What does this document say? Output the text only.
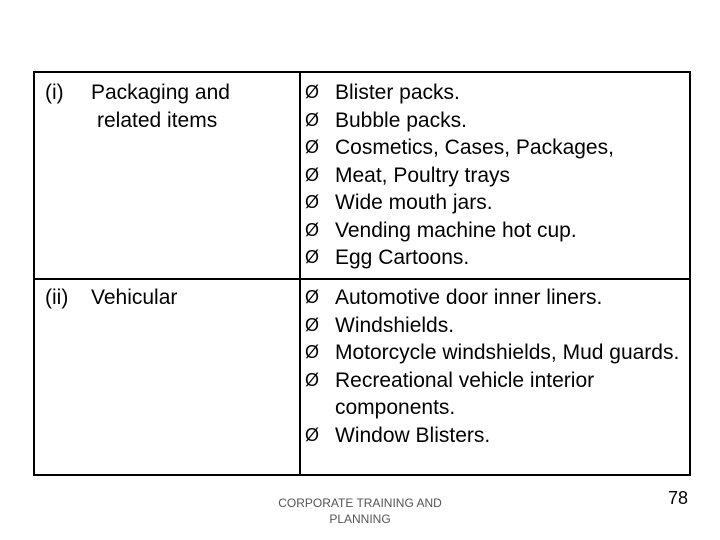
(i) Packaging and
related items
Ø Blister packs.
Ø Bubble packs.
Ø Cosmetics, Cases, Packages,
Ø Meat, Poultry trays
Ø Wide mouth jars.
Ø Vending machine hot cup.
Ø Egg Cartoons.
(ii) Vehicular	Ø Automotive door inner liners.
Ø Windshields.
Ø Motorcycle windshields, Mud guards.
Ø Recreational vehicle interior components.
Ø Window Blisters.
CORPORATE TRAINING AND
PLANNING
78
